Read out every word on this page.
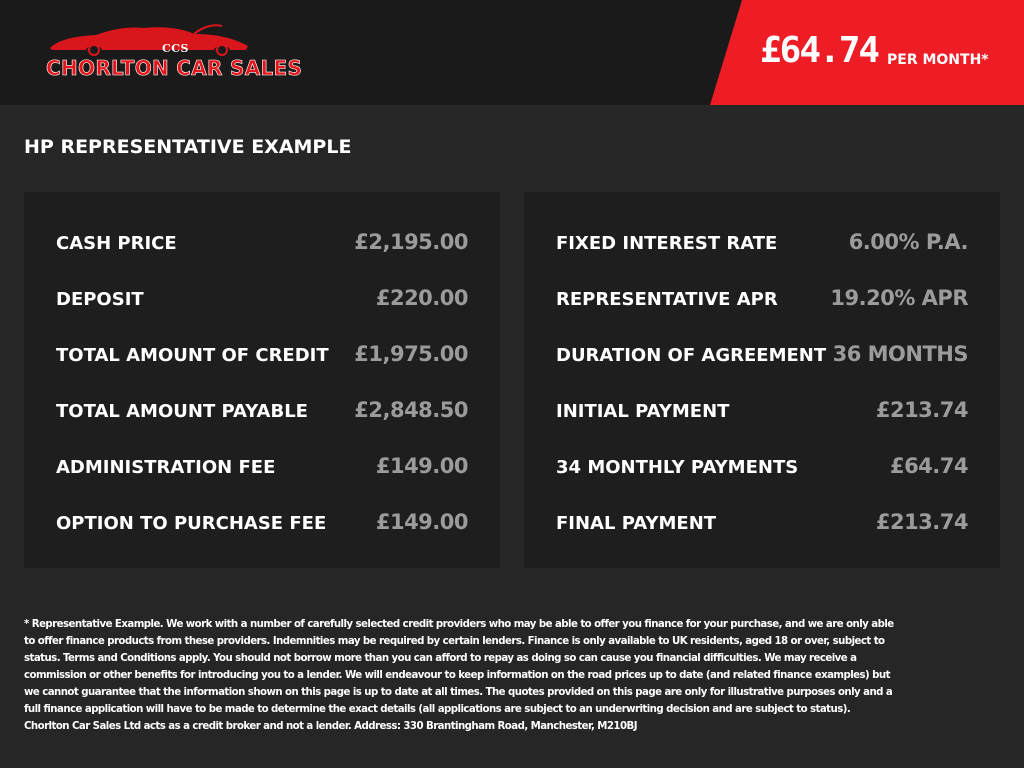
CCS
CHORLTON CAR SALES	£64.74 PER MONTH*
HP REPRESENTATIVE EXAMPLE
CASH PRICE	£2,195.00
DEPOSIT	£220.00
TOTAL AMOUNT OF CREDIT £1,975.00
TOTAL AMOUNT PAYABLE £2,848.50
ADMINISTRATION FEE	£149.00
OPTION TO PURCHASE FEE £149.00
FIXED INTEREST RATE	6.00% P.A.
REPRESENTATIVE APR	19.20% APR
DURATION OF AGREEMENT 36 MONTHS
INITIAL PAYMENT	£213.74
34 MONTHLY PAYMENTS	£64.74
FINAL PAYMENT	£213.74
* Representative Example. We work with a number of carefully selected credit providers who may be able to offer you finance for your purchase, and we are only able to offer finance products from these providers. Indemnities may be required by certain lenders. Finance is only available to UK residents, aged 18 or over, subject to status. Terms and Conditions apply. You should not borrow more than you can afford to repay as doing so can cause you financial difficulties. We may receive a commission or other benefits for introducing you to a lender. We will endeavour to keep information on the road prices up to date (and related finance examples) but we cannot guarantee that the information shown on this page is up to date at all times. The quotes provided on this page are only for illustrative purposes only and a full finance application will have to be made to determine the exact details (all applications are subject to an underwriting decision and are subject to status). Chorlton Car Sales Ltd acts as a credit broker and not a lender. Address: 330 Brantingham Road, Manchester, M210BJ
